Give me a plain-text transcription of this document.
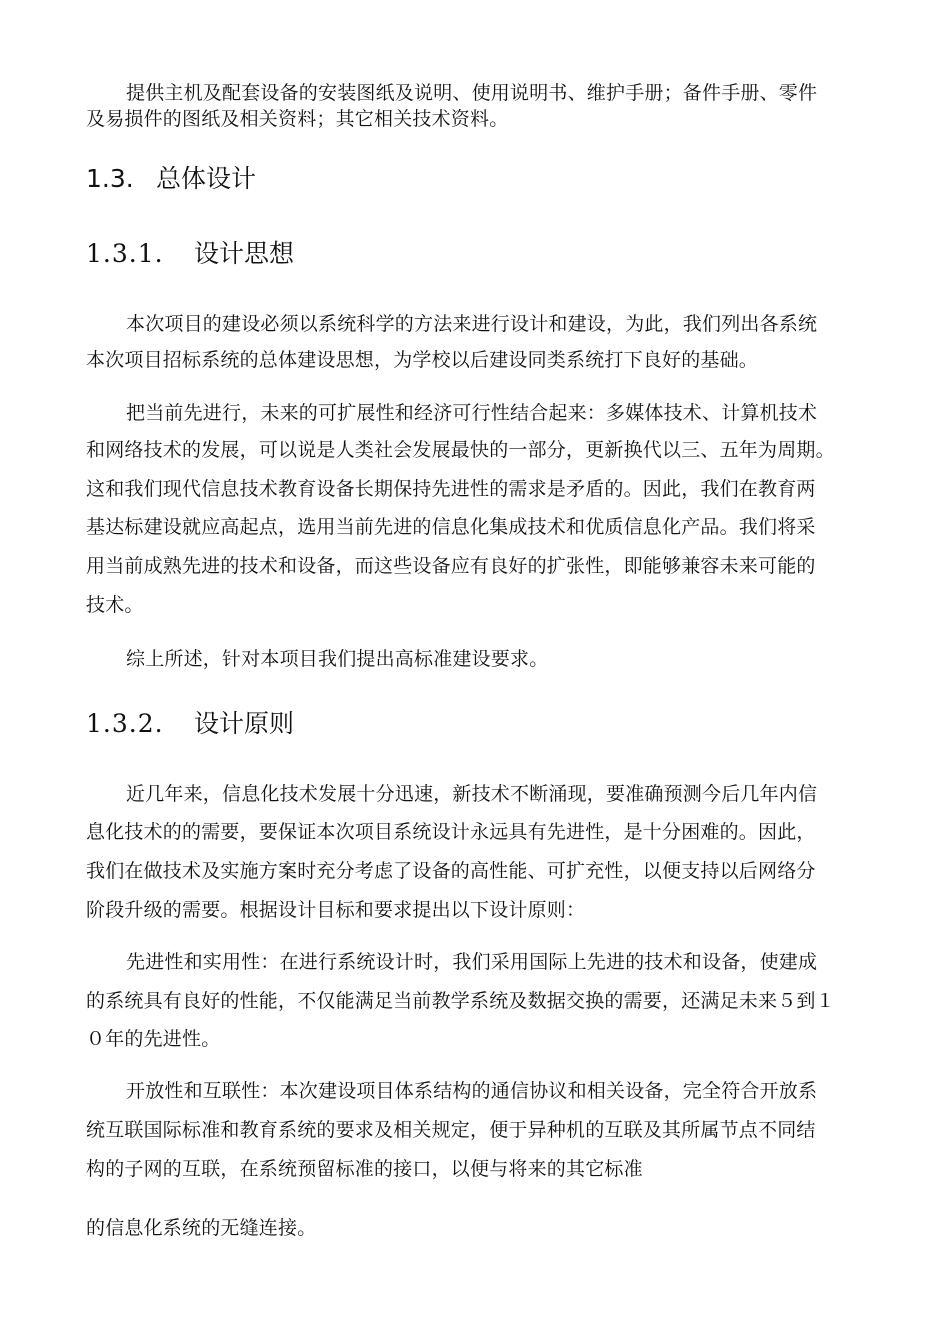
提供主机及配套设备的安装图纸及说明、使用说明书、维护手册；备件手册、零件
及易损件的图纸及相关资料；其它相关技术资料。
1.3. 总体设计
1.3.1. 设计思想
本次项目的建设必须以系统科学的方法来进行设计和建设，为此，我们列出各系统
本次项目招标系统的总体建设思想，为学校以后建设同类系统打下良好的基础。
把当前先进行，未来的可扩展性和经济可行性结合起来：多媒体技术、计算机技术
和网络技术的发展，可以说是人类社会发展最快的一部分，更新换代以三、五年为周期。
这和我们现代信息技术教育设备长期保持先进性的需求是矛盾的。因此，我们在教育两
基达标建设就应高起点，选用当前先进的信息化集成技术和优质信息化产品。我们将采
用当前成熟先进的技术和设备，而这些设备应有良好的扩张性，即能够兼容未来可能的
技术。
综上所述，针对本项目我们提出高标准建设要求。
1.3.2. 设计原则
近几年来，信息化技术发展十分迅速，新技术不断涌现，要准确预测今后几年内信
息化技术的的需要，要保证本次项目系统设计永远具有先进性，是十分困难的。因此，
我们在做技术及实施方案时充分考虑了设备的高性能、可扩充性，以便支持以后网络分
阶段升级的需要。根据设计目标和要求提出以下设计原则：
先进性和实用性：在进行系统设计时，我们采用国际上先进的技术和设备，使建成
的系统具有良好的性能，不仅能满足当前教学系统及数据交换的需要，还满足未来５到１
０年的先进性。
开放性和互联性：本次建设项目体系结构的通信协议和相关设备，完全符合开放系
统互联国际标准和教育系统的要求及相关规定，便于异种机的互联及其所属节点不同结
构的子网的互联，在系统预留标准的接口，以便与将来的其它标准
的信息化系统的无缝连接。
